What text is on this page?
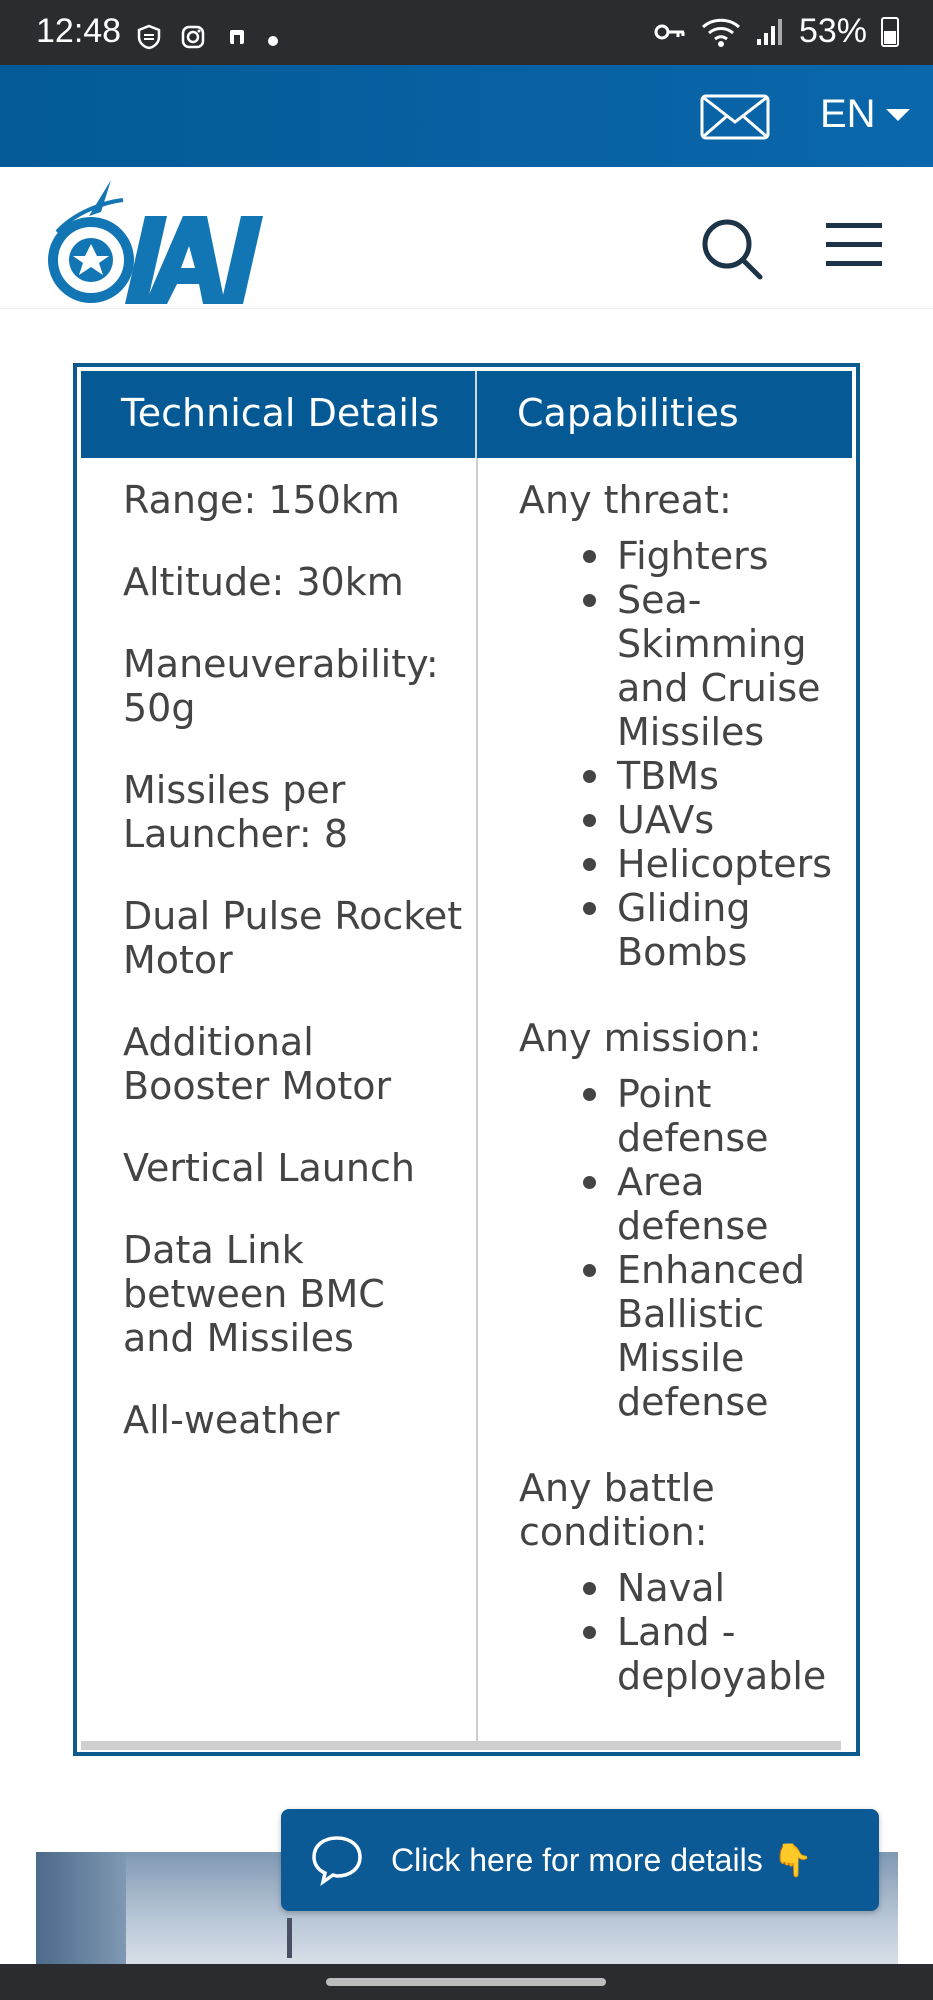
12:48	53%
EN
Technical Details	Capabilities
Range: 150km
Altitude: 30km
Maneuverability: 50g
Missiles per Launcher: 8
Dual Pulse Rocket Motor
Additional Booster Motor
Vertical Launch
Data Link between BMC and Missiles
All-weather
Any threat:
Fighters
Sea-Skimming and Cruise Missiles
TBMs
UAVs
Helicopters
Gliding Bombs
Any mission:
Point defense
Area defense
Enhanced Ballistic Missile defense
Any battle condition:
Naval
Land - deployable
Click here for more details 👇
